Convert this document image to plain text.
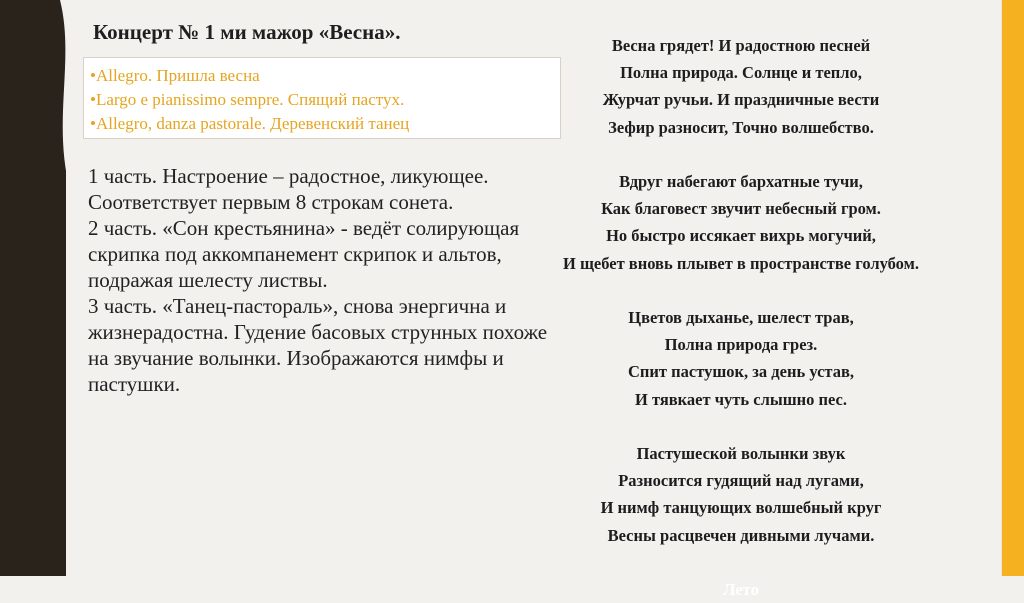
Концерт № 1 ми мажор «Весна».
•Allegro. Пришла весна
•Largo e pianissimo sempre. Спящий пастух.
•Allegro, danza pastorale. Деревенский танец

1 часть. Настроение – радостное, ликующее. Соответствует первым 8 строкам сонета.

2 часть. «Сон крестьянина» - ведёт солирующая скрипка под аккомпанемент скрипок и альтов, подражая шелесту листвы.

3 часть. «Танец-пастораль», снова энергична и жизнерадостна. Гудение басовых струнных похоже на звучание волынки. Изображаются нимфы и пастушки.

Весна грядет! И радостною песней
Полна природа. Солнце и тепло,
Журчат ручьи. И праздничные вести
Зефир разносит, Точно волшебство.
Вдруг набегают бархатные тучи,
Как благовест звучит небесный гром.
Но быстро иссякает вихрь могучий,
И щебет вновь плывет в пространстве голубом.
Цветов дыханье, шелест трав,
Полна природа грез.
Спит пастушок, за день устав,
И тявкает чуть слышно пес.
Пастушеской волынки звук
Разносится гудящий над лугами,
И нимф танцующих волшебный круг
Весны расцвечен дивными лучами.
Лето
